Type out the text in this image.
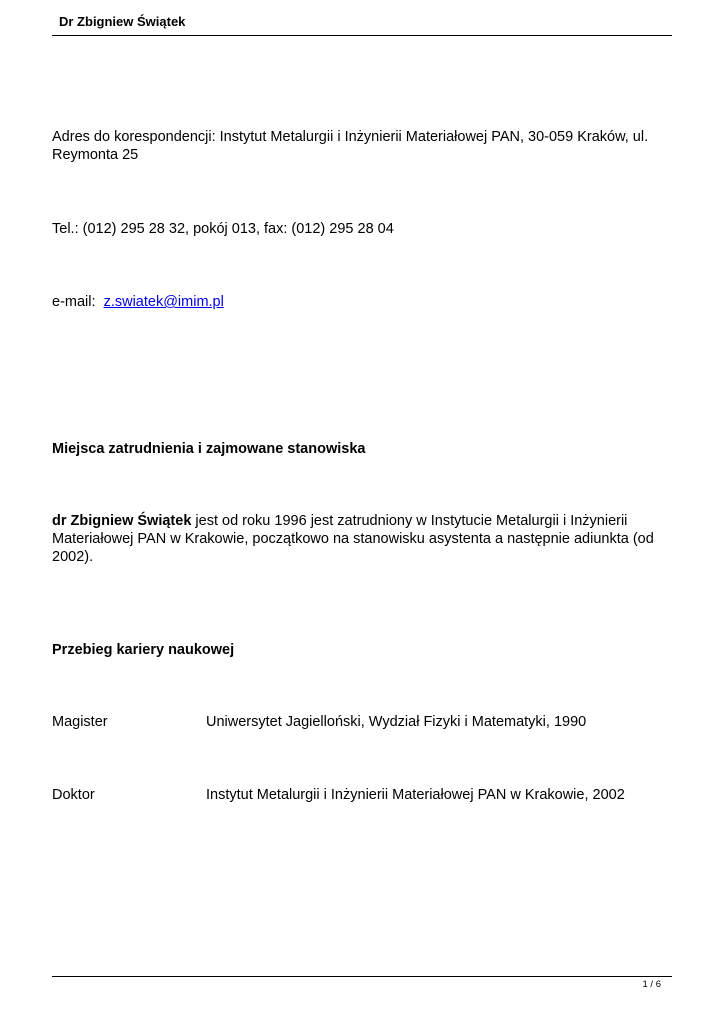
Dr Zbigniew Świątek
Adres do korespondencji: Instytut Metalurgii i Inżynierii Materiałowej PAN, 30-059 Kraków, ul. Reymonta 25
Tel.: (012) 295 28 32, pokój 013, fax: (012) 295 28 04
e-mail: z.swiatek@imim.pl
Miejsca zatrudnienia i zajmowane stanowiska
dr Zbigniew Świątek jest od roku 1996 jest zatrudniony w Instytucie Metalurgii i Inżynierii Materiałowej PAN w Krakowie, początkowo na stanowisku asystenta a następnie adiunkta (od 2002).
Przebieg kariery naukowej
Magister	Uniwersytet Jagielloński, Wydział Fizyki i Matematyki, 1990
Doktor	Instytut Metalurgii i Inżynierii Materiałowej PAN w Krakowie, 2002
1 / 6
